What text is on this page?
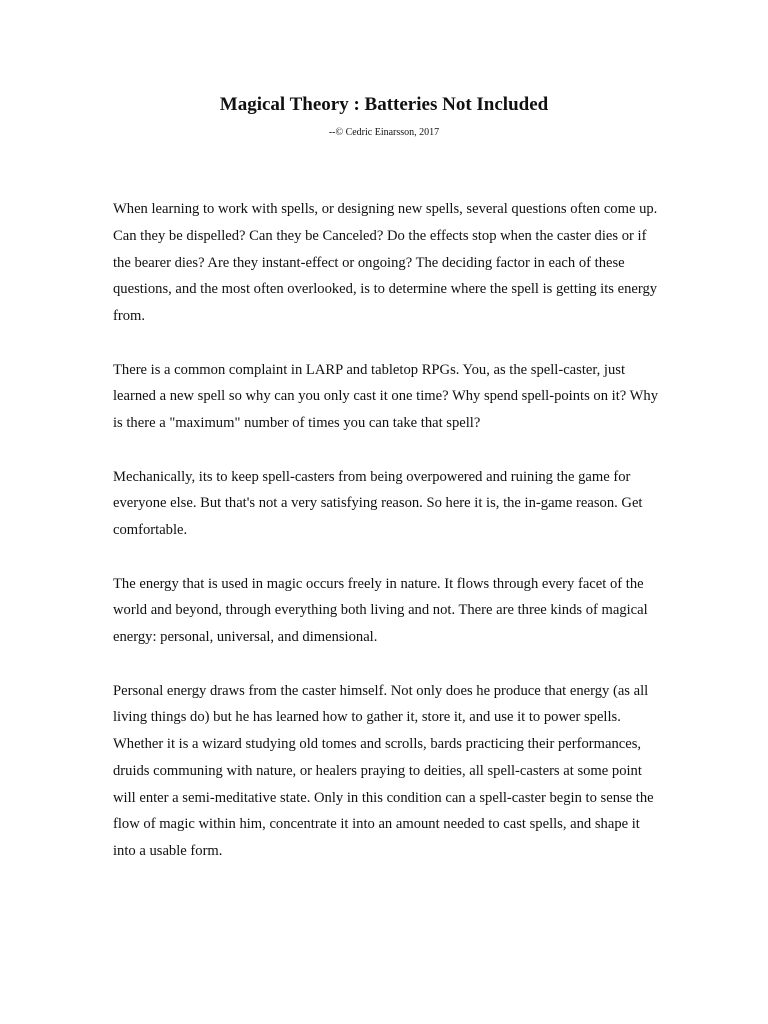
Magical Theory : Batteries Not Included

--© Cedric Einarsson, 2017

When learning to work with spells, or designing new spells, several questions often come up. Can they be dispelled? Can they be Canceled? Do the effects stop when the caster dies or if the bearer dies? Are they instant-effect or ongoing? The deciding factor in each of these questions, and the most often overlooked, is to determine where the spell is getting its energy from.

There is a common complaint in LARP and tabletop RPGs. You, as the spell-caster, just learned a new spell so why can you only cast it one time? Why spend spell-points on it? Why is there a "maximum" number of times you can take that spell?

Mechanically, its to keep spell-casters from being overpowered and ruining the game for everyone else. But that's not a very satisfying reason. So here it is, the in-game reason. Get comfortable.

The energy that is used in magic occurs freely in nature. It flows through every facet of the world and beyond, through everything both living and not. There are three kinds of magical energy: personal, universal, and dimensional.

Personal energy draws from the caster himself. Not only does he produce that energy (as all living things do) but he has learned how to gather it, store it, and use it to power spells. Whether it is a wizard studying old tomes and scrolls, bards practicing their performances, druids communing with nature, or healers praying to deities, all spell-casters at some point will enter a semi-meditative state. Only in this condition can a spell-caster begin to sense the flow of magic within him, concentrate it into an amount needed to cast spells, and shape it into a usable form.
